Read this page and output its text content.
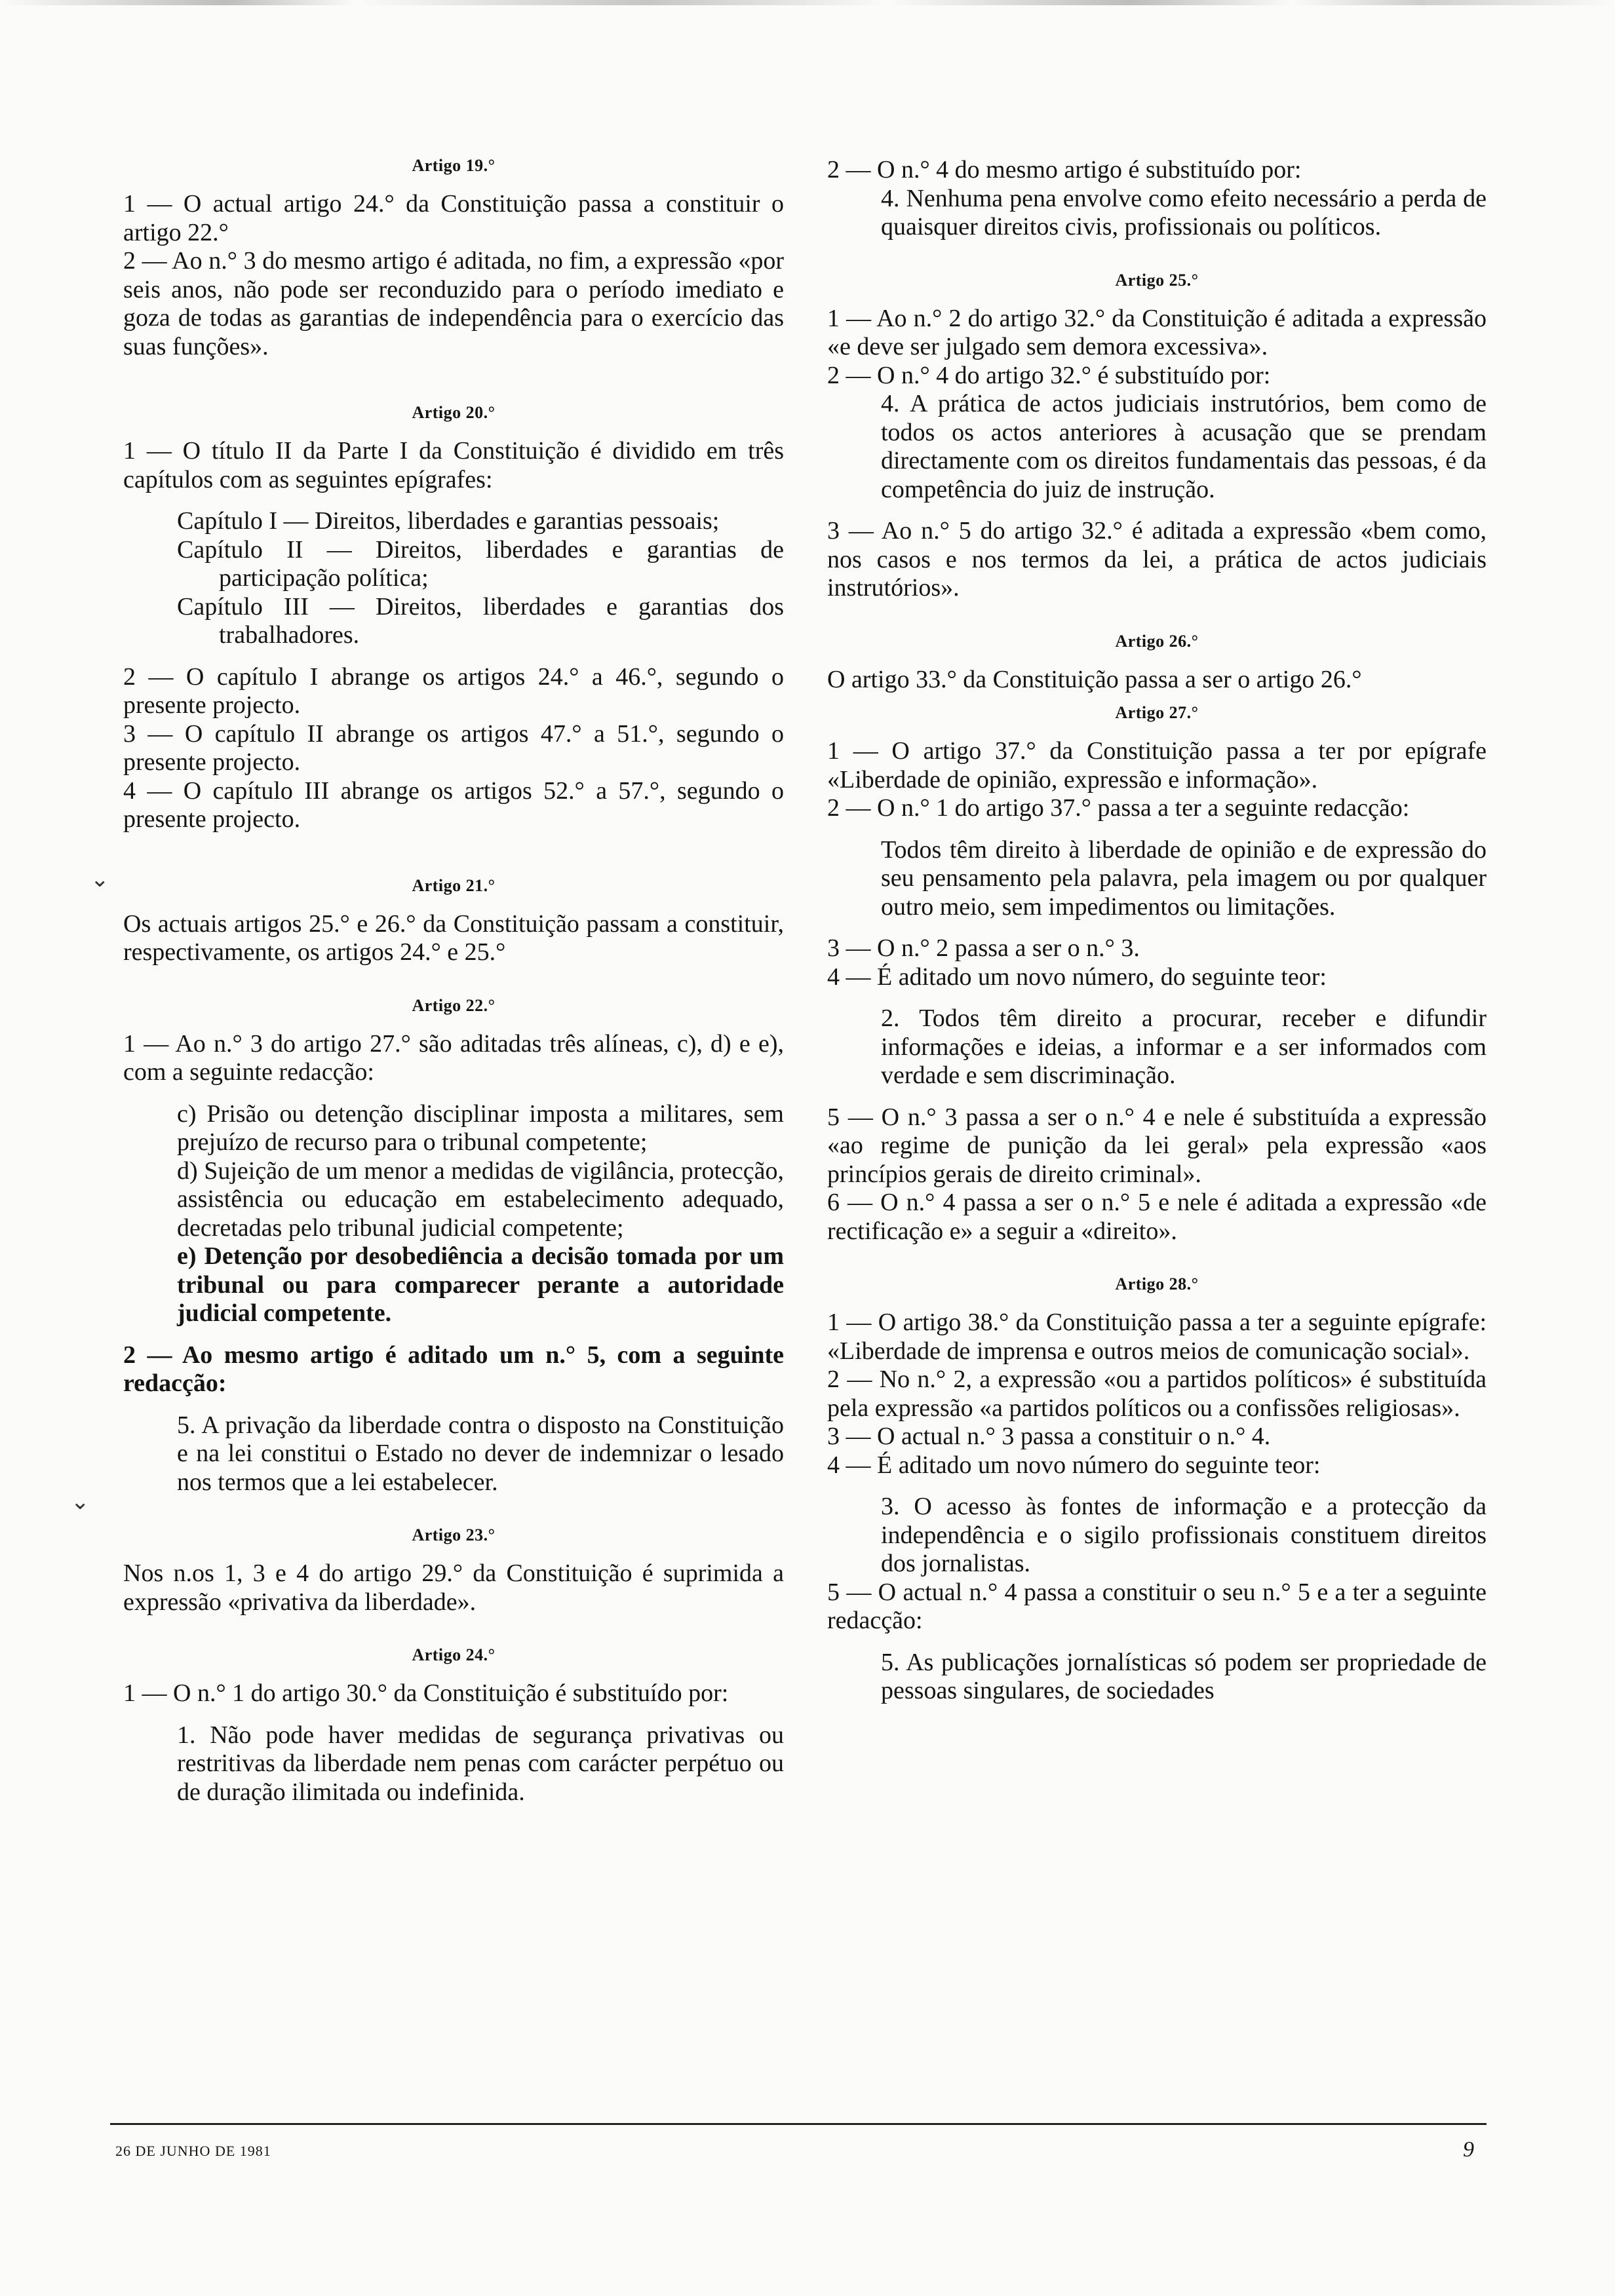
Artigo 19.°

1 — O actual artigo 24.° da Constituição passa a constituir o artigo 22.°

2 — Ao n.° 3 do mesmo artigo é aditada, no fim, a expressão «por seis anos, não pode ser reconduzido para o período imediato e goza de todas as garantias de independência para o exercício das suas funções».

Artigo 20.°

1 — O título II da Parte I da Constituição é dividido em três capítulos com as seguintes epígrafes:

Capítulo I — Direitos, liberdades e garantias pessoais;

Capítulo II — Direitos, liberdades e garantias de participação política;

Capítulo III — Direitos, liberdades e garantias dos trabalhadores.

2 — O capítulo I abrange os artigos 24.° a 46.°, segundo o presente projecto.

3 — O capítulo II abrange os artigos 47.° a 51.°, segundo o presente projecto.

4 — O capítulo III abrange os artigos 52.° a 57.°, segundo o presente projecto.

Artigo 21.°

Os actuais artigos 25.° e 26.° da Constituição passam a constituir, respectivamente, os artigos 24.° e 25.°

Artigo 22.°

1 — Ao n.° 3 do artigo 27.° são aditadas três alíneas, c), d) e e), com a seguinte redacção:

c) Prisão ou detenção disciplinar imposta a militares, sem prejuízo de recurso para o tribunal competente;

d) Sujeição de um menor a medidas de vigilância, protecção, assistência ou educação em estabelecimento adequado, decretadas pelo tribunal judicial competente;

e) Detenção por desobediência a decisão tomada por um tribunal ou para comparecer perante a autoridade judicial competente.

2 — Ao mesmo artigo é aditado um n.° 5, com a seguinte redacção:

5. A privação da liberdade contra o disposto na Constituição e na lei constitui o Estado no dever de indemnizar o lesado nos termos que a lei estabelecer.

Artigo 23.°

Nos n.os 1, 3 e 4 do artigo 29.° da Constituição é suprimida a expressão «privativa da liberdade».

Artigo 24.°

1 — O n.° 1 do artigo 30.° da Constituição é substituído por:

1. Não pode haver medidas de segurança privativas ou restritivas da liberdade nem penas com carácter perpétuo ou de duração ilimitada ou indefinida.

2 — O n.° 4 do mesmo artigo é substituído por:

4. Nenhuma pena envolve como efeito necessário a perda de quaisquer direitos civis, profissionais ou políticos.

Artigo 25.°

1 — Ao n.° 2 do artigo 32.° da Constituição é aditada a expressão «e deve ser julgado sem demora excessiva».

2 — O n.° 4 do artigo 32.° é substituído por:

4. A prática de actos judiciais instrutórios, bem como de todos os actos anteriores à acusação que se prendam directamente com os direitos fundamentais das pessoas, é da competência do juiz de instrução.

3 — Ao n.° 5 do artigo 32.° é aditada a expressão «bem como, nos casos e nos termos da lei, a prática de actos judiciais instrutórios».

Artigo 26.°

O artigo 33.° da Constituição passa a ser o artigo 26.°

Artigo 27.°

1 — O artigo 37.° da Constituição passa a ter por epígrafe «Liberdade de opinião, expressão e informação».

2 — O n.° 1 do artigo 37.° passa a ter a seguinte redacção:

Todos têm direito à liberdade de opinião e de expressão do seu pensamento pela palavra, pela imagem ou por qualquer outro meio, sem impedimentos ou limitações.

3 — O n.° 2 passa a ser o n.° 3.

4 — É aditado um novo número, do seguinte teor:

2. Todos têm direito a procurar, receber e difundir informações e ideias, a informar e a ser informados com verdade e sem discriminação.

5 — O n.° 3 passa a ser o n.° 4 e nele é substituída a expressão «ao regime de punição da lei geral» pela expressão «aos princípios gerais de direito criminal».

6 — O n.° 4 passa a ser o n.° 5 e nele é aditada a expressão «de rectificação e» a seguir a «direito».

Artigo 28.°

1 — O artigo 38.° da Constituição passa a ter a seguinte epígrafe: «Liberdade de imprensa e outros meios de comunicação social».

2 — No n.° 2, a expressão «ou a partidos políticos» é substituída pela expressão «a partidos políticos ou a confissões religiosas».

3 — O actual n.° 3 passa a constituir o n.° 4.

4 — É aditado um novo número do seguinte teor:

3. O acesso às fontes de informação e a protecção da independência e o sigilo profissionais constituem direitos dos jornalistas.

5 — O actual n.° 4 passa a constituir o seu n.° 5 e a ter a seguinte redacção:

5. As publicações jornalísticas só podem ser propriedade de pessoas singulares, de sociedades

⌄
⌄
26 DE JUNHO DE 1981	9
